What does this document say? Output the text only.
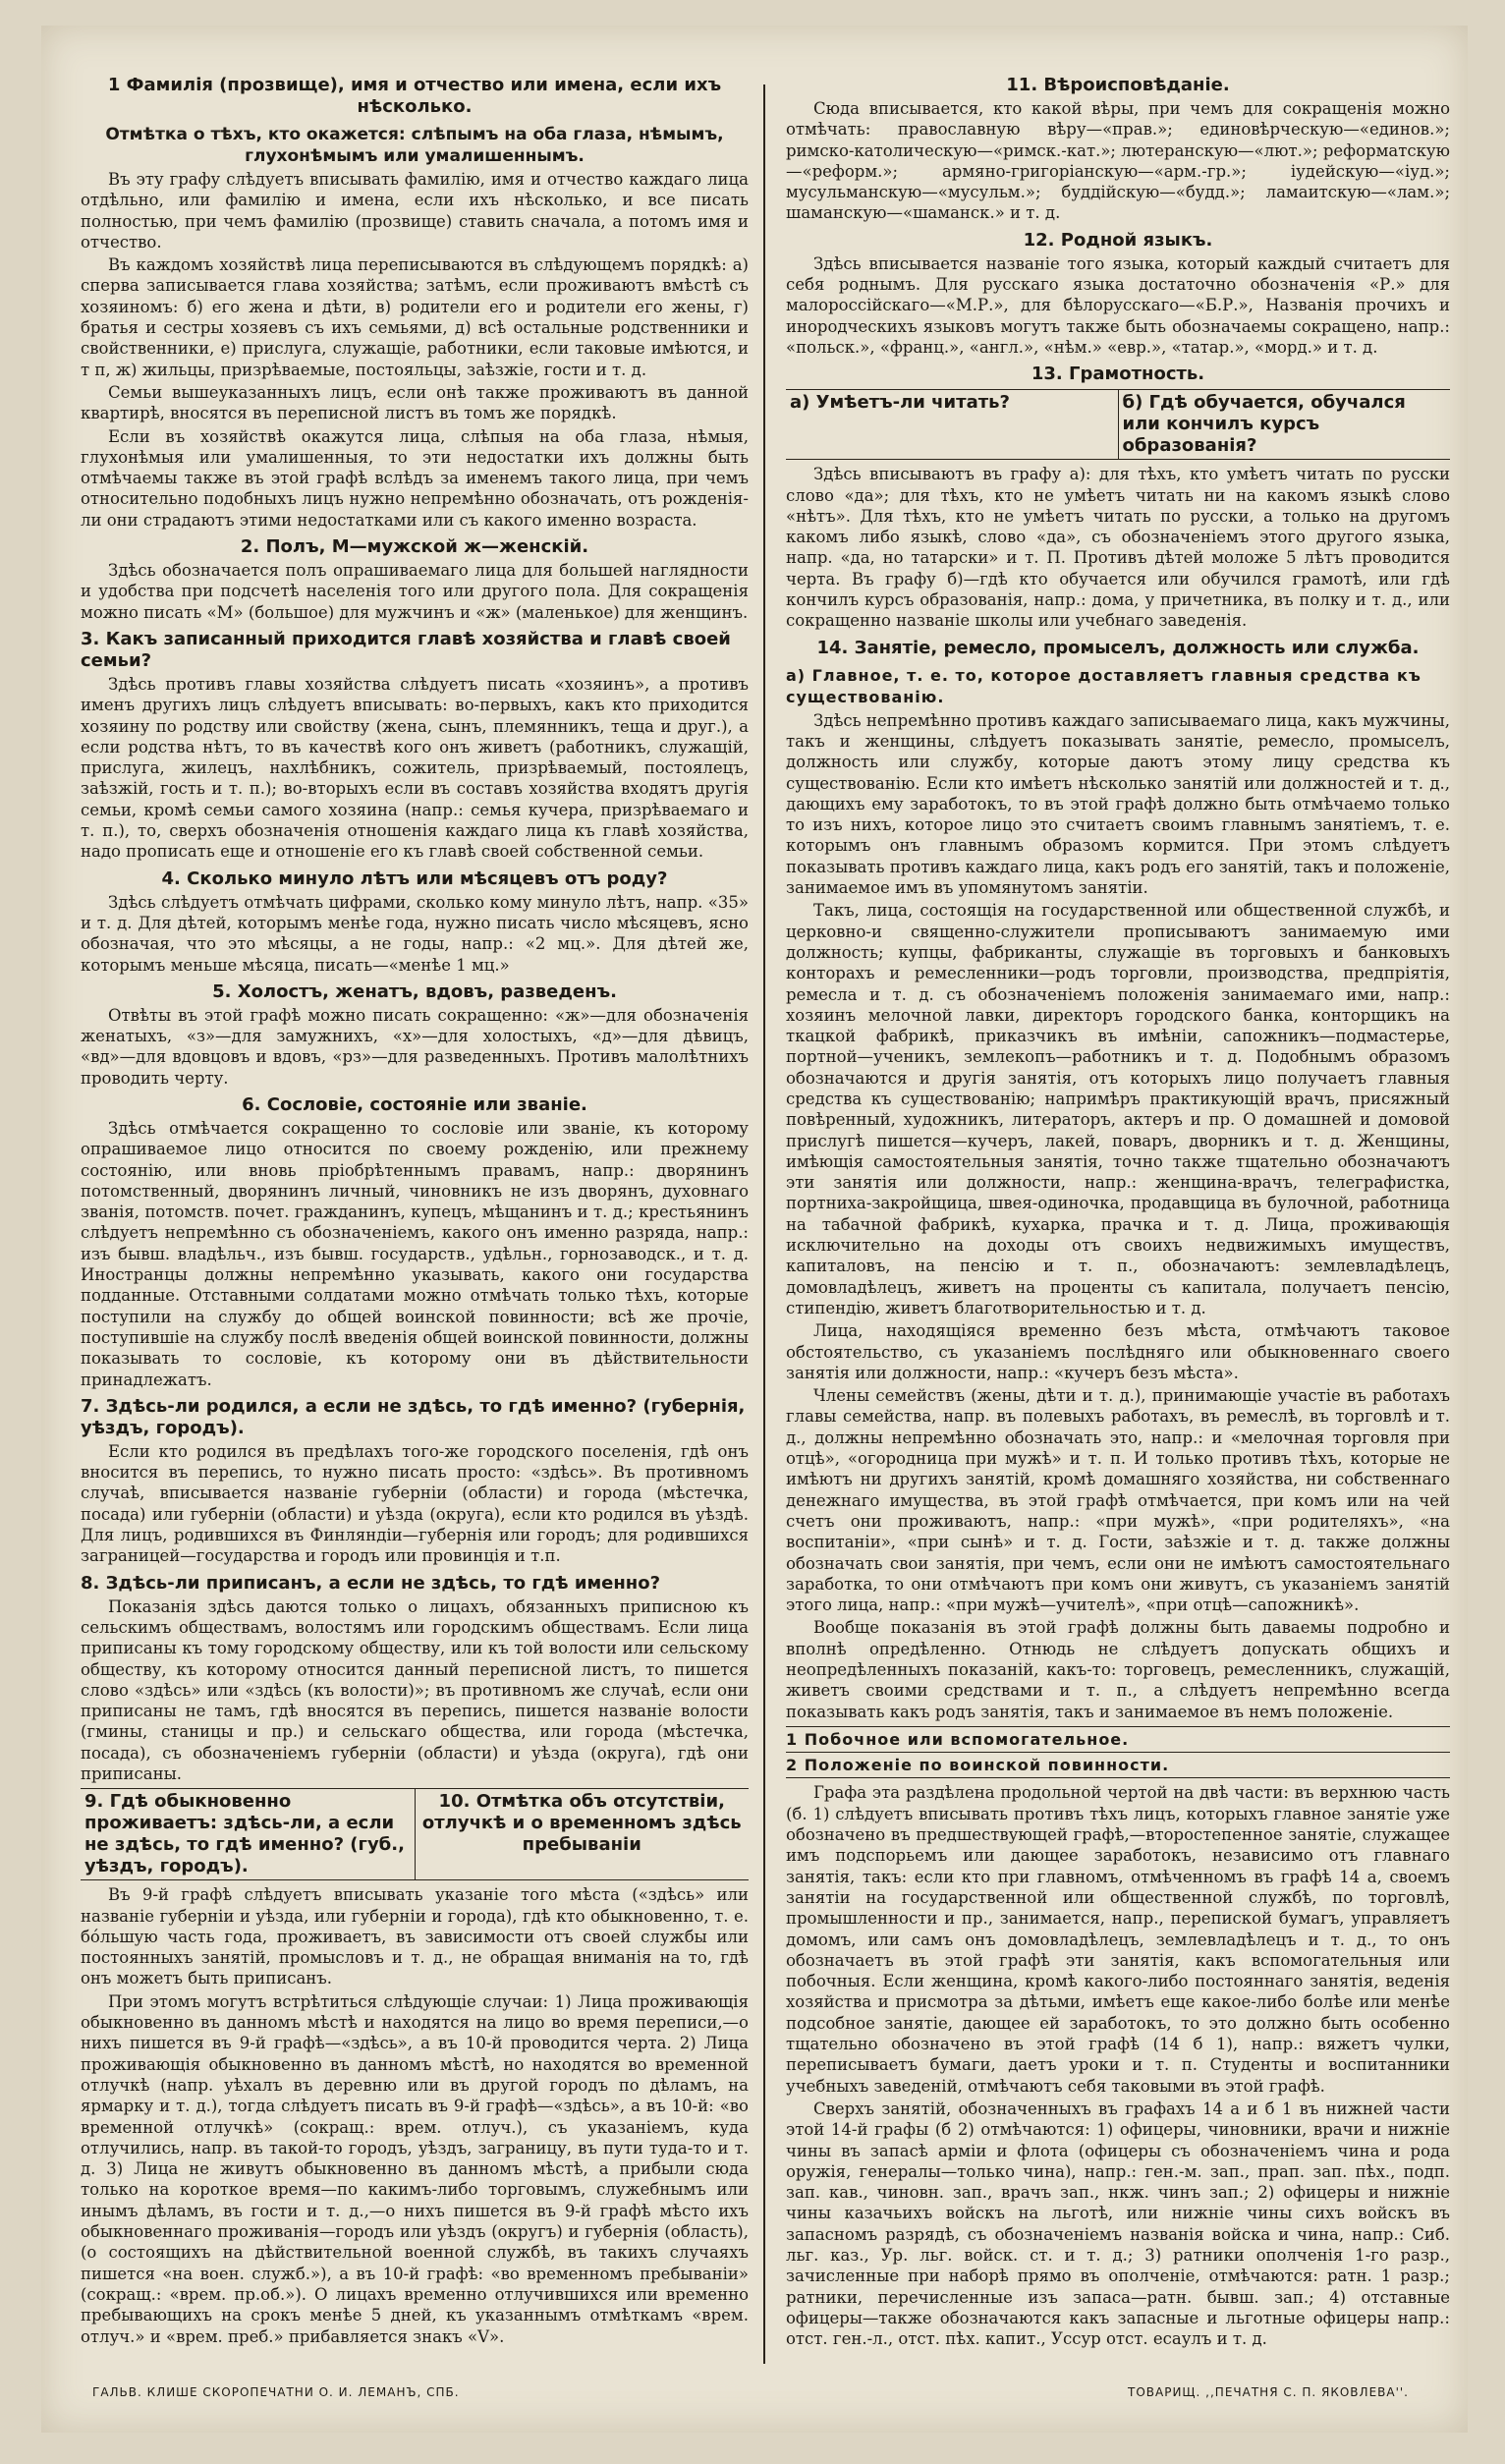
1 Фамилія (прозвище), имя и отчество или имена, если ихъ нѣсколько.
Отмѣтка о тѣхъ, кто окажется: слѣпымъ на оба глаза, нѣмымъ, глухонѣмымъ или умалишеннымъ.

Въ эту графу слѣдуетъ вписывать фамилію, имя и отчество каждаго лица отдѣльно, или фамилію и имена, если ихъ нѣсколько, и все писать полностью, при чемъ фамилію (прозвище) ставить сначала, а потомъ имя и отчество.

Въ каждомъ хозяйствѣ лица переписываются въ слѣдующемъ порядкѣ: а) сперва записывается глава хозяйства; затѣмъ, если проживаютъ вмѣстѣ съ хозяиномъ: б) его жена и дѣти, в) родители его и родители его жены, г) братья и сестры хозяевъ съ ихъ семьями, д) всѣ остальные родственники и свойственники, е) прислуга, служащіе, работники, если таковые имѣются, и т п, ж) жильцы, призрѣваемые, постояльцы, заѣзжіе, гости и т. д.

Семьи вышеуказанныхъ лицъ, если онѣ также проживаютъ въ данной квартирѣ, вносятся въ переписной листъ въ томъ же порядкѣ.

Если въ хозяйствѣ окажутся лица, слѣпыя на оба глаза, нѣмыя, глухонѣмыя или умалишенныя, то эти недостатки ихъ должны быть отмѣчаемы также въ этой графѣ вслѣдъ за именемъ такого лица, при чемъ относительно подобныхъ лицъ нужно непремѣнно обозначать, отъ рожденія-ли они страдаютъ этими недостатками или съ какого именно возраста.

2. Полъ, М—мужской ж—женскій.

Здѣсь обозначается полъ опрашиваемаго лица для большей наглядности и удобства при подсчетѣ населенія того или другого пола. Для сокращенія можно писать «М» (большое) для мужчинъ и «ж» (маленькое) для женщинъ.

3. Какъ записанный приходится главѣ хозяйства и главѣ своей семьи?

Здѣсь противъ главы хозяйства слѣдуетъ писать «хозяинъ», а противъ именъ другихъ лицъ слѣдуетъ вписывать: во-первыхъ, какъ кто приходится хозяину по родству или свойству (жена, сынъ, племянникъ, теща и друг.), а если родства нѣтъ, то въ качествѣ кого онъ живетъ (работникъ, служащій, прислуга, жилецъ, нахлѣбникъ, сожитель, призрѣваемый, постоялецъ, заѣзжій, гость и т. п.); во-вторыхъ если въ составъ хозяйства входятъ другія семьи, кромѣ семьи самого хозяина (напр.: семья кучера, призрѣваемаго и т. п.), то, сверхъ обозначенія отношенія каждаго лица къ главѣ хозяйства, надо прописать еще и отношеніе его къ главѣ своей собственной семьи.

4. Сколько минуло лѣтъ или мѣсяцевъ отъ роду?

Здѣсь слѣдуетъ отмѣчать цифрами, сколько кому минуло лѣтъ, напр. «35» и т. д. Для дѣтей, которымъ менѣе года, нужно писать число мѣсяцевъ, ясно обозначая, что это мѣсяцы, а не годы, напр.: «2 мц.». Для дѣтей же, которымъ меньше мѣсяца, писать—«менѣе 1 мц.»

5. Холостъ, женатъ, вдовъ, разведенъ.

Отвѣты въ этой графѣ можно писать сокращенно: «ж»—для обозначенія женатыхъ, «з»—для замужнихъ, «х»—для холостыхъ, «д»—для дѣвицъ, «вд»—для вдовцовъ и вдовъ, «рз»—для разведенныхъ. Противъ малолѣтнихъ проводить черту.

6. Сословіе, состояніе или званіе.

Здѣсь отмѣчается сокращенно то сословіе или званіе, къ которому опрашиваемое лицо относится по своему рожденію, или прежнему состоянію, или вновь пріобрѣтеннымъ правамъ, напр.: дворянинъ потомственный, дворянинъ личный, чиновникъ не изъ дворянъ, духовнаго званія, потомств. почет. гражданинъ, купецъ, мѣщанинъ и т. д.; крестьянинъ слѣдуетъ непремѣнно съ обозначеніемъ, какого онъ именно разряда, напр.: изъ бывш. владѣльч., изъ бывш. государств., удѣльн., горнозаводск., и т. д. Иностранцы должны непремѣнно указывать, какого они государства подданные. Отставными солдатами можно отмѣчать только тѣхъ, которые поступили на службу до общей воинской повинности; всѣ же прочіе, поступившіе на службу послѣ введенія общей воинской повинности, должны показывать то сословіе, къ которому они въ дѣйствительности принадлежатъ.

7. Здѣсь-ли родился, а если не здѣсь, то гдѣ именно? (губернія, уѣздъ, городъ).

Если кто родился въ предѣлахъ того-же городского поселенія, гдѣ онъ вносится въ перепись, то нужно писать просто: «здѣсь». Въ противномъ случаѣ, вписывается названіе губерніи (области) и города (мѣстечка, посада) или губерніи (области) и уѣзда (округа), если кто родился въ уѣздѣ. Для лицъ, родившихся въ Финляндіи—губернія или городъ; для родившихся заграницей—государства и городъ или провинція и т.п.

8. Здѣсь-ли приписанъ, а если не здѣсь, то гдѣ именно?

Показанія здѣсь даются только о лицахъ, обязанныхъ приписною къ сельскимъ обществамъ, волостямъ или городскимъ обществамъ. Если лица приписаны къ тому городскому обществу, или къ той волости или сельскому обществу, къ которому относится данный переписной листъ, то пишется слово «здѣсь» или «здѣсь (къ волости)»; въ противномъ же случаѣ, если они приписаны не тамъ, гдѣ вносятся въ перепись, пишется названіе волости (гмины, станицы и пр.) и сельскаго общества, или города (мѣстечка, посада), съ обозначеніемъ губерніи (области) и уѣзда (округа), гдѣ они приписаны.

9. Гдѣ обыкновенно проживаетъ: здѣсь-ли, а если не здѣсь, то гдѣ именно? (губ., уѣздъ, городъ).
10. Отмѣтка объ отсутствіи, отлучкѣ и о временномъ здѣсь пребываніи

Въ 9-й графѣ слѣдуетъ вписывать указаніе того мѣста («здѣсь» или названіе губерніи и уѣзда, или губерніи и города), гдѣ кто обыкновенно, т. е. бóльшую часть года, проживаетъ, въ зависимости отъ своей службы или постоянныхъ занятій, промысловъ и т. д., не обращая вниманія на то, гдѣ онъ можетъ быть приписанъ.

При этомъ могутъ встрѣтиться слѣдующіе случаи: 1) Лица проживающія обыкновенно въ данномъ мѣстѣ и находятся на лицо во время переписи,—о нихъ пишется въ 9-й графѣ—«здѣсь», а въ 10-й проводится черта. 2) Лица проживающія обыкновенно въ данномъ мѣстѣ, но находятся во временной отлучкѣ (напр. уѣхалъ въ деревню или въ другой городъ по дѣламъ, на ярмарку и т. д.), тогда слѣдуетъ писать въ 9-й графѣ—«здѣсь», а въ 10-й: «во временной отлучкѣ» (сокращ.: врем. отлуч.), съ указаніемъ, куда отлучились, напр. въ такой-то городъ, уѣздъ, заграницу, въ пути туда-то и т. д. 3) Лица не живутъ обыкновенно въ данномъ мѣстѣ, а прибыли сюда только на короткое время—по какимъ-либо торговымъ, служебнымъ или инымъ дѣламъ, въ гости и т. д.,—о нихъ пишется въ 9-й графѣ мѣсто ихъ обыкновеннаго проживанія—городъ или уѣздъ (округъ) и губернія (область), (о состоящихъ на дѣйствительной военной службѣ, въ такихъ случаяхъ пишется «на воен. служб.»), а въ 10-й графѣ: «во временномъ пребываніи» (сокращ.: «врем. пр.об.»). О лицахъ временно отлучившихся или временно пребывающихъ на срокъ менѣе 5 дней, къ указаннымъ отмѣткамъ «врем. отлуч.» и «врем. преб.» прибавляется знакъ «V».

11. Вѣроисповѣданіе.

Сюда вписывается, кто какой вѣры, при чемъ для сокращенія можно отмѣчать: православную вѣру—«прав.»; единовѣрческую—«единов.»; римско-католическую—«римск.-кат.»; лютеранскую—«лют.»; реформатскую—«реформ.»; армяно-григоріанскую—«арм.-гр.»; іудейскую—«іуд.»; мусульманскую—«мусульм.»; буддійскую—«будд.»; ламаитскую—«лам.»; шаманскую—«шаманск.» и т. д.

12. Родной языкъ.

Здѣсь вписывается названіе того языка, который каждый считаетъ для себя роднымъ. Для русскаго языка достаточно обозначенія «Р.» для малороссійскаго—«М.Р.», для бѣлорусскаго—«Б.Р.», Названія прочихъ и инородческихъ языковъ могутъ также быть обозначаемы сокращено, напр.: «польск.», «франц.», «англ.», «нѣм.» «евр.», «татар.», «морд.» и т. д.

13. Грамотность.
а) Умѣетъ-ли читать?	б) Гдѣ обучается, обучался или кончилъ курсъ образованія?

Здѣсь вписываютъ въ графу а): для тѣхъ, кто умѣетъ читать по русски слово «да»; для тѣхъ, кто не умѣетъ читать ни на какомъ языкѣ слово «нѣтъ». Для тѣхъ, кто не умѣетъ читать по русски, а только на другомъ какомъ либо языкѣ, слово «да», съ обозначеніемъ этого другого языка, напр. «да, но татарски» и т. П. Противъ дѣтей моложе 5 лѣтъ проводится черта. Въ графу б)—гдѣ кто обучается или обучился грамотѣ, или гдѣ кончилъ курсъ образованія, напр.: дома, у причетника, въ полку и т. д., или сокращенно названіе школы или учебнаго заведенія.

14. Занятіе, ремесло, промыселъ, должность или служба.
а) Главное, т. е. то, которое доставляетъ главныя средства къ существованію.

Здѣсь непремѣнно противъ каждаго записываемаго лица, какъ мужчины, такъ и женщины, слѣдуетъ показывать занятіе, ремесло, промыселъ, должность или службу, которые даютъ этому лицу средства къ существованію. Если кто имѣетъ нѣсколько занятій или должностей и т. д., дающихъ ему заработокъ, то въ этой графѣ должно быть отмѣчаемо только то изъ нихъ, которое лицо это считаетъ своимъ главнымъ занятіемъ, т. е. которымъ онъ главнымъ образомъ кормится. При этомъ слѣдуетъ показывать противъ каждаго лица, какъ родъ его занятій, такъ и положеніе, занимаемое имъ въ упомянутомъ занятіи.

Такъ, лица, состоящія на государственной или общественной службѣ, и церковно-и священно-служители прописываютъ занимаемую ими должность; купцы, фабриканты, служащіе въ торговыхъ и банковыхъ конторахъ и ремесленники—родъ торговли, производства, предпріятія, ремесла и т. д. съ обозначеніемъ положенія занимаемаго ими, напр.: хозяинъ мелочной лавки, директоръ городского банка, конторщикъ на ткацкой фабрикѣ, приказчикъ въ имѣніи, сапожникъ—подмастерье, портной—ученикъ, землекопъ—работникъ и т. д. Подобнымъ образомъ обозначаются и другія занятія, отъ которыхъ лицо получаетъ главныя средства къ существованію; напримѣръ практикующій врачъ, присяжный повѣренный, художникъ, литераторъ, актеръ и пр. О домашней и домовой прислугѣ пишется—кучеръ, лакей, поваръ, дворникъ и т. д. Женщины, имѣющія самостоятельныя занятія, точно также тщательно обозначаютъ эти занятія или должности, напр.: женщина-врачъ, телеграфистка, портниха-закройщица, швея-одиночка, продавщица въ булочной, работница на табачной фабрикѣ, кухарка, прачка и т. д. Лица, проживающія исключительно на доходы отъ своихъ недвижимыхъ имуществъ, капиталовъ, на пенсію и т. п., обозначаютъ: землевладѣлецъ, домовладѣлецъ, живетъ на проценты съ капитала, получаетъ пенсію, стипендію, живетъ благотворительностью и т. д.

Лица, находящіяся временно безъ мѣста, отмѣчаютъ таковое обстоятельство, съ указаніемъ послѣдняго или обыкновеннаго своего занятія или должности, напр.: «кучеръ безъ мѣста».

Члены семействъ (жены, дѣти и т. д.), принимающіе участіе въ работахъ главы семейства, напр. въ полевыхъ работахъ, въ ремеслѣ, въ торговлѣ и т. д., должны непремѣнно обозначать это, напр.: и «мелочная торговля при отцѣ», «огородница при мужѣ» и т. п. И только противъ тѣхъ, которые не имѣютъ ни другихъ занятій, кромѣ домашняго хозяйства, ни собственнаго денежнаго имущества, въ этой графѣ отмѣчается, при комъ или на чей счетъ они проживаютъ, напр.: «при мужѣ», «при родителяхъ», «на воспитаніи», «при сынѣ» и т. д. Гости, заѣзжіе и т. д. также должны обозначать свои занятія, при чемъ, если они не имѣютъ самостоятельнаго заработка, то они отмѣчаютъ при комъ они живутъ, съ указаніемъ занятій этого лица, напр.: «при мужѣ—учителѣ», «при отцѣ—сапожникѣ».

Вообще показанія въ этой графѣ должны быть даваемы подробно и вполнѣ опредѣленно. Отнюдь не слѣдуетъ допускать общихъ и неопредѣленныхъ показаній, какъ-то: торговецъ, ремесленникъ, служащій, живетъ своими средствами и т. п., а слѣдуетъ непремѣнно всегда показывать какъ родъ занятія, такъ и занимаемое въ немъ положеніе.

1 Побочное или вспомогательное.
2 Положеніе по воинской повинности.

Графа эта раздѣлена продольной чертой на двѣ части: въ верхнюю часть (б. 1) слѣдуетъ вписывать противъ тѣхъ лицъ, которыхъ главное занятіе уже обозначено въ предшествующей графѣ,—второстепенное занятіе, служащее имъ подспорьемъ или дающее заработокъ, независимо отъ главнаго занятія, такъ: если кто при главномъ, отмѣченномъ въ графѣ 14 а, своемъ занятіи на государственной или общественной службѣ, по торговлѣ, промышленности и пр., занимается, напр., перепиской бумагъ, управляетъ домомъ, или самъ онъ домовладѣлецъ, землевладѣлецъ и т. д., то онъ обозначаетъ въ этой графѣ эти занятія, какъ вспомогательныя или побочныя. Если женщина, кромѣ какого-либо постояннаго занятія, веденія хозяйства и присмотра за дѣтьми, имѣетъ еще какое-либо болѣе или менѣе подсобное занятіе, дающее ей заработокъ, то это должно быть особенно тщательно обозначено въ этой графѣ (14 б 1), напр.: вяжетъ чулки, переписываетъ бумаги, даетъ уроки и т. п. Студенты и воспитанники учебныхъ заведеній, отмѣчаютъ себя таковыми въ этой графѣ.

Сверхъ занятій, обозначенныхъ въ графахъ 14 а и б 1 въ нижней части этой 14-й графы (б 2) отмѣчаются: 1) офицеры, чиновники, врачи и нижніе чины въ запасѣ арміи и флота (офицеры съ обозначеніемъ чина и рода оружія, генералы—только чина), напр.: ген.-м. зап., прап. зап. пѣх., подп. зап. кав., чиновн. зап., врачъ зап., нкж. чинъ зап.; 2) офицеры и нижніе чины казачьихъ войскъ на льготѣ, или нижніе чины сихъ войскъ въ запасномъ разрядѣ, съ обозначеніемъ названія войска и чина, напр.: Сиб. льг. каз., Ур. льг. войск. ст. и т. д.; 3) ратники ополченія 1-го разр., зачисленные при наборѣ прямо въ ополченіе, отмѣчаются: ратн. 1 разр.; ратники, перечисленные изъ запаса—ратн. бывш. зап.; 4) отставные офицеры—также обозначаются какъ запасные и льготные офицеры напр.: отст. ген.-л., отст. пѣх. капит., Уссур отст. есаулъ и т. д.

ГАЛЬВ. КЛИШЕ СКОРОПЕЧАТНИ О. И. ЛЕМАНЪ, СПБ.	ТОВАРИЩ. ,,ПЕЧАТНЯ С. П. ЯКОВЛЕВА''.
